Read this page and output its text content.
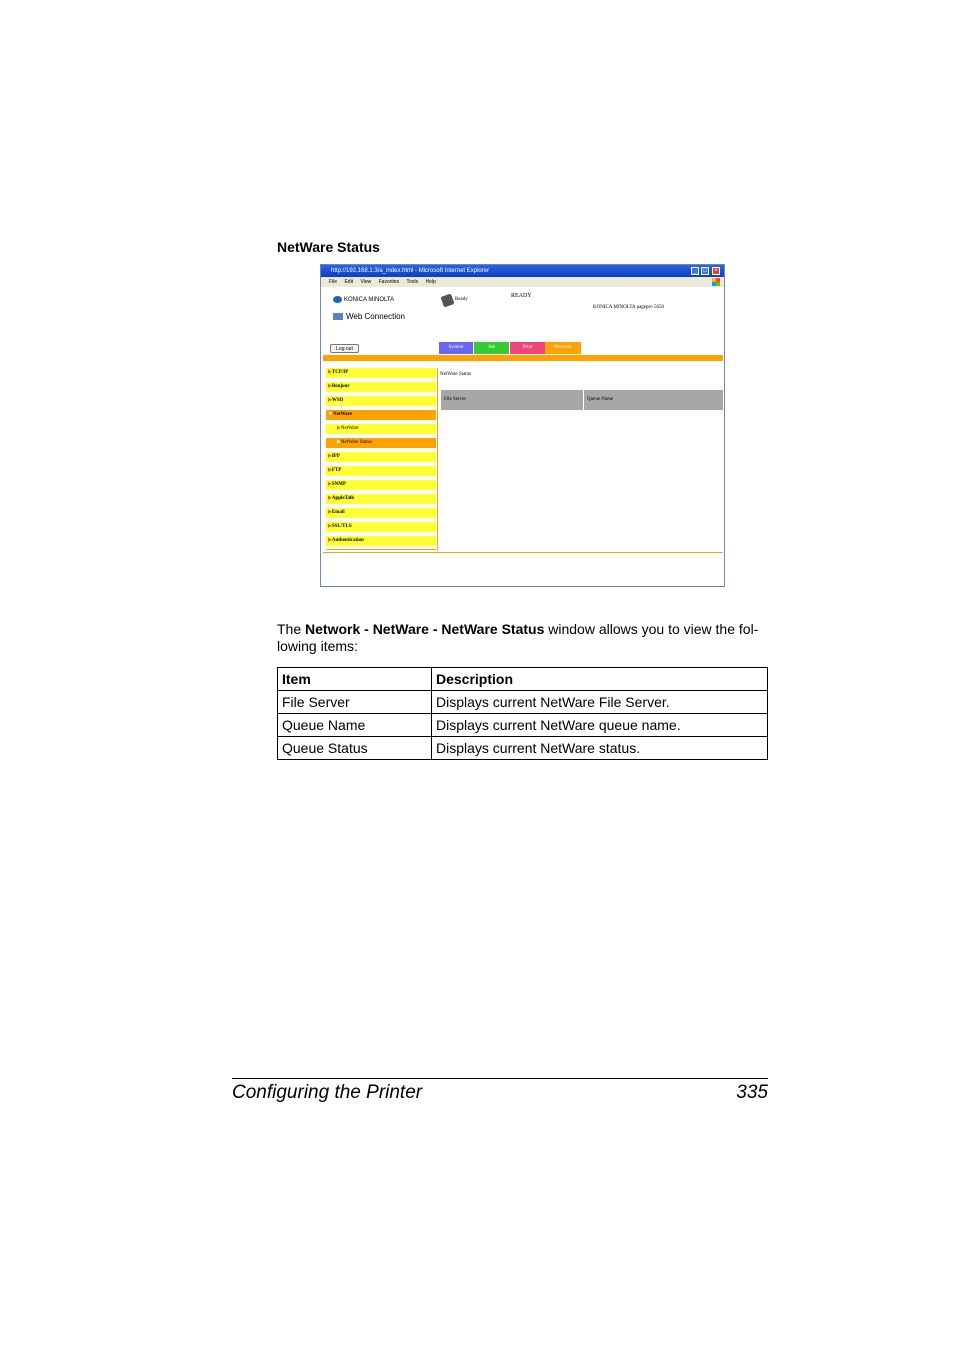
NetWare Status
http://192.168.1.3/a_index.html - Microsoft Internet Explorer	_	□	×
File Edit View Favorites Tools Help
KONICA MINOLTA
Web Connection
Ready
READY
KONICA MINOLTA pagepro 5650
Log out	System	Job	Print	Network
▶TCP/IP
▶Bonjour
▶WSD
▼NetWare
▶NetWare
▶NetWare Status
▶IPP
▶FTP
▶SNMP
▶AppleTalk
▶Email
▶SSL/TLS
▶Authentication
NetWare Status
File Server	Queue Name
The Network - NetWare - NetWare Status window allows you to view the fol-lowing items:
Item	Description
File Server	Displays current NetWare File Server.
Queue Name	Displays current NetWare queue name.
Queue Status	Displays current NetWare status.
Configuring the Printer	335
